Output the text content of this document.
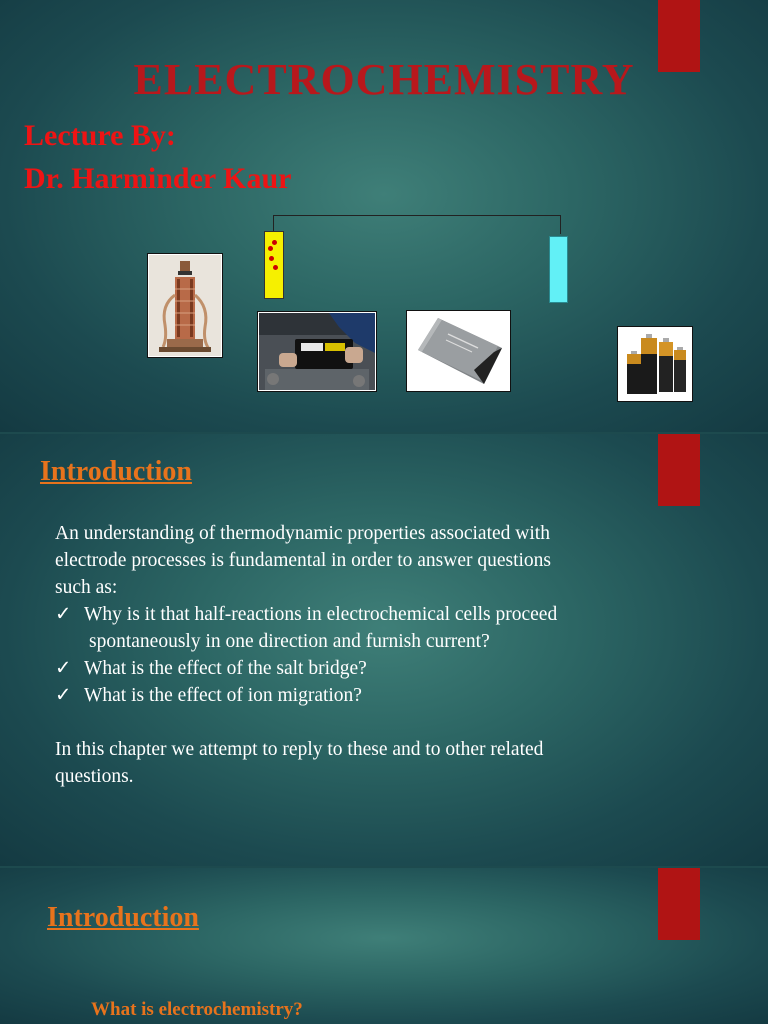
ELECTROCHEMISTRY
Lecture By:
Dr. Harminder Kaur
Introduction

An understanding of thermodynamic properties associated with

electrode processes is fundamental in order to answer questions

such as:

✓ Why is it that half-reactions in electrochemical cells proceed

spontaneously in one direction and furnish current?

✓ What is the effect of the salt bridge?

✓ What is the effect of ion migration?

In this chapter we attempt to reply to these and to other related

questions.

Introduction
What is electrochemistry?
